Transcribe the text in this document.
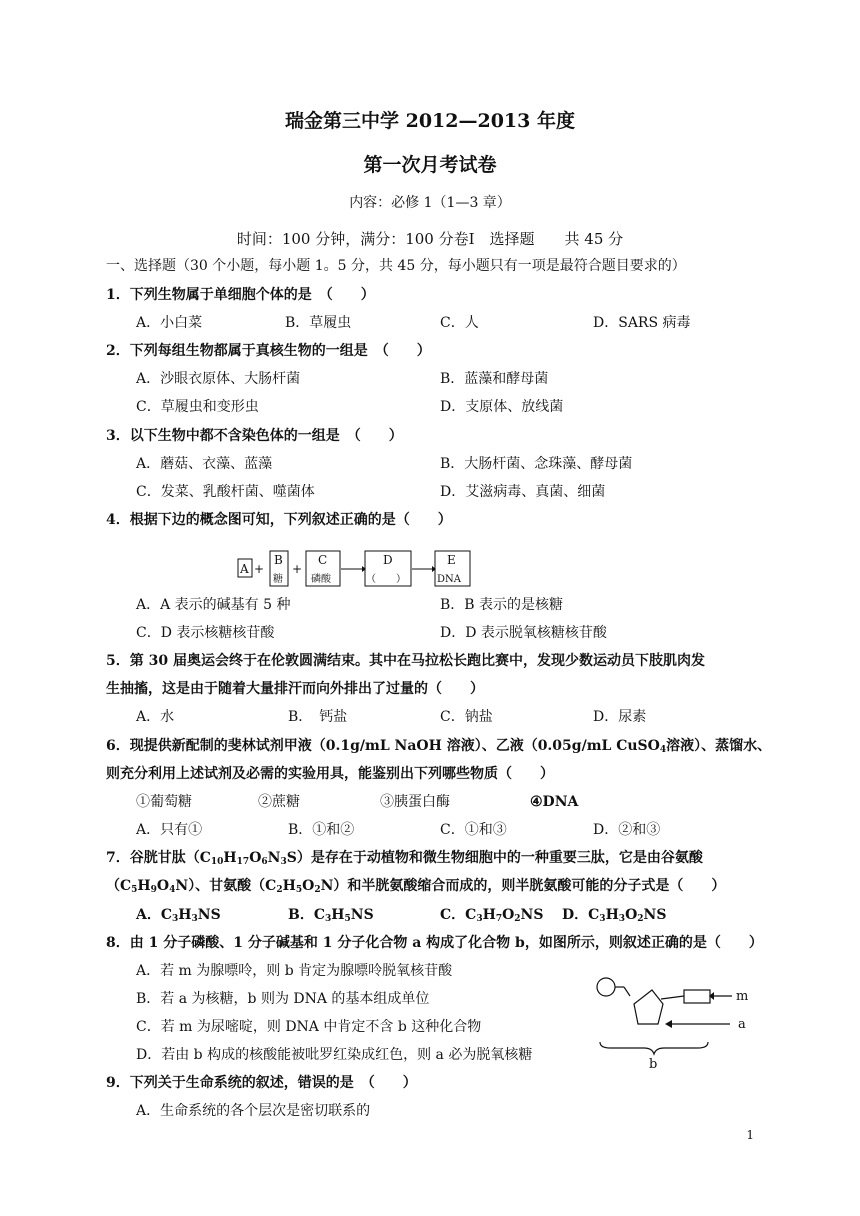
瑞金第三中学 2012—2013 年度
第一次月考试卷
内容：必修 1（1—3 章）
时间：100 分钟，满分：100 分卷Ⅰ　选择题　　共 45 分
一、选择题（30 个小题，每小题 1。5 分，共 45 分，每小题只有一项是最符合题目要求的）
1．下列生物属于单细胞个体的是　（　　）
A．小白菜	B．草履虫	C．人	D．SARS 病毒
2．下列每组生物都属于真核生物的一组是　（　　）
A．沙眼衣原体、大肠杆菌	B．蓝藻和酵母菌
C．草履虫和变形虫	D．支原体、放线菌
3．以下生物中都不含染色体的一组是　（　　）
A．蘑菇、衣藻、蓝藻	B．大肠杆菌、念珠藻、酵母菌
C．发菜、乳酸杆菌、噬菌体	D．艾滋病毒、真菌、细菌
4．根据下边的概念图可知，下列叙述正确的是（　　）
A +
B
糖
+
C
磷酸
D
（　　）
E
DNA
A．A 表示的碱基有 5 种	B．B 表示的是核糖
C．D 表示核糖核苷酸	D．D 表示脱氧核糖核苷酸
5．第 30 届奥运会终于在伦敦圆满结束。其中在马拉松长跑比赛中，发现少数运动员下肢肌肉发
生抽搐，这是由于随着大量排汗而向外排出了过量的（　　）
A．水	B．　钙盐	C．钠盐	D．尿素
6．现提供新配制的斐林试剂甲液（0.1g/mL NaOH 溶液）、乙液（0.05g/mL CuSO$_4$溶液）、蒸馏水、
则充分利用上述试剂及必需的实验用具，能鉴别出下列哪些物质（　　）
①葡萄糖	②蔗糖	③胰蛋白酶	④DNA
A．只有①	B．①和②	C．①和③	D．②和③
7．谷胱甘肽$(C_{10}H_{17}O_6N_3S)$是存在于动植物和微生物细胞中的一种重要三肽，它是由谷氨酸
$(C_5H_9O_4N)$、甘氨酸$(C_2H_5O_2N)$和半胱氨酸缩合而成的，则半胱氨酸可能的分子式是（　　）
A．$C_3H_3NS$	B．$C_3H_5NS$	C．$C_3H_7O_2NS$ D．$C_3H_3O_2NS$
8．由 1 分子磷酸、1 分子碱基和 1 分子化合物 a 构成了化合物 b，如图所示，则叙述正确的是（　　）
A．若 m 为腺嘌呤，则 b 肯定为腺嘌呤脱氧核苷酸
B．若 a 为核糖，b 则为 DNA 的基本组成单位
C．若 m 为尿嘧啶，则 DNA 中肯定不含 b 这种化合物
D．若由 b 构成的核酸能被吡罗红染成红色，则 a 必为脱氧核糖
m
a
b
9．下列关于生命系统的叙述，错误的是　（　　）
A．生命系统的各个层次是密切联系的
1
